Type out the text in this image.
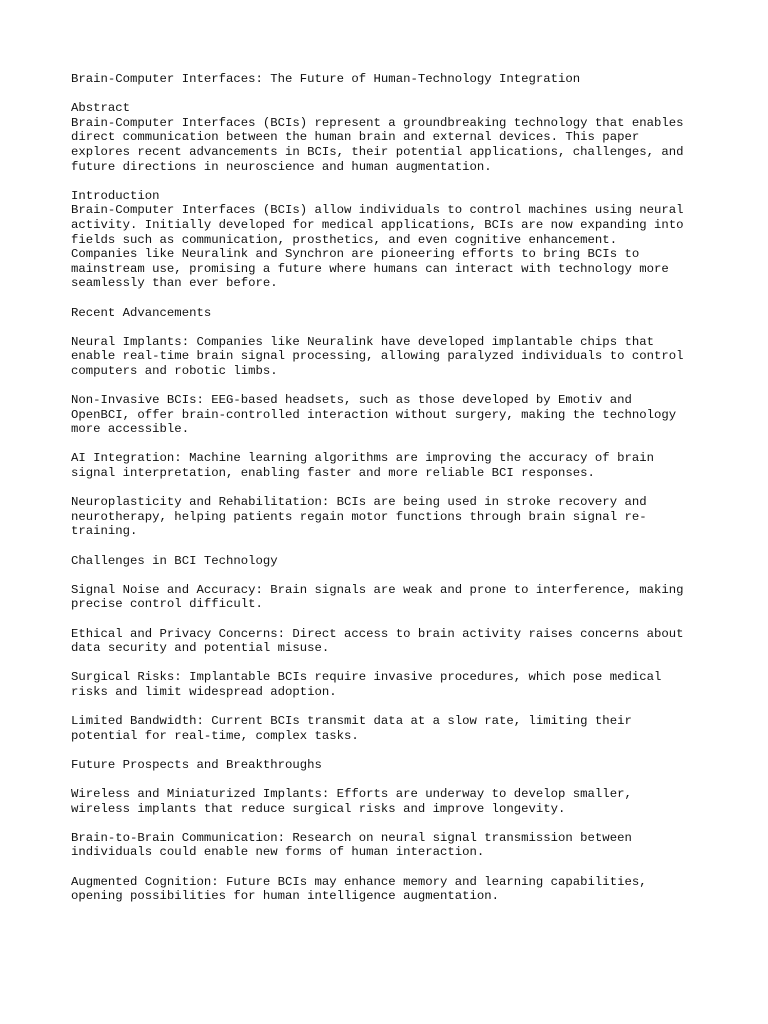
Brain-Computer Interfaces: The Future of Human-Technology Integration
Abstract
Brain-Computer Interfaces (BCIs) represent a groundbreaking technology that enables
direct communication between the human brain and external devices. This paper
explores recent advancements in BCIs, their potential applications, challenges, and
future directions in neuroscience and human augmentation.
Introduction
Brain-Computer Interfaces (BCIs) allow individuals to control machines using neural
activity. Initially developed for medical applications, BCIs are now expanding into
fields such as communication, prosthetics, and even cognitive enhancement.
Companies like Neuralink and Synchron are pioneering efforts to bring BCIs to
mainstream use, promising a future where humans can interact with technology more
seamlessly than ever before.
Recent Advancements
Neural Implants: Companies like Neuralink have developed implantable chips that
enable real-time brain signal processing, allowing paralyzed individuals to control
computers and robotic limbs.
Non-Invasive BCIs: EEG-based headsets, such as those developed by Emotiv and
OpenBCI, offer brain-controlled interaction without surgery, making the technology
more accessible.
AI Integration: Machine learning algorithms are improving the accuracy of brain
signal interpretation, enabling faster and more reliable BCI responses.
Neuroplasticity and Rehabilitation: BCIs are being used in stroke recovery and
neurotherapy, helping patients regain motor functions through brain signal re-
training.
Challenges in BCI Technology
Signal Noise and Accuracy: Brain signals are weak and prone to interference, making
precise control difficult.
Ethical and Privacy Concerns: Direct access to brain activity raises concerns about
data security and potential misuse.
Surgical Risks: Implantable BCIs require invasive procedures, which pose medical
risks and limit widespread adoption.
Limited Bandwidth: Current BCIs transmit data at a slow rate, limiting their
potential for real-time, complex tasks.
Future Prospects and Breakthroughs
Wireless and Miniaturized Implants: Efforts are underway to develop smaller,
wireless implants that reduce surgical risks and improve longevity.
Brain-to-Brain Communication: Research on neural signal transmission between
individuals could enable new forms of human interaction.
Augmented Cognition: Future BCIs may enhance memory and learning capabilities,
opening possibilities for human intelligence augmentation.
